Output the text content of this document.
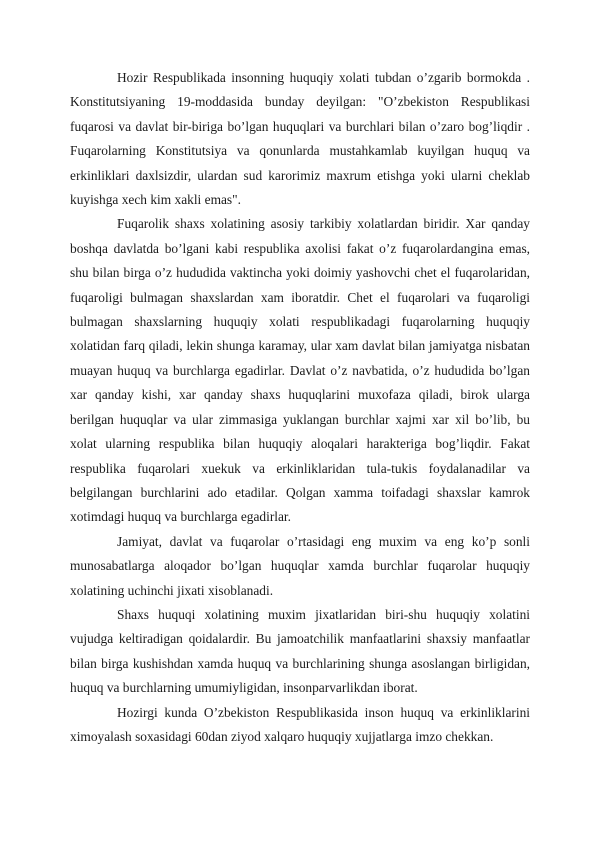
Hozir Respublikada insonning huquqiy xolati tubdan o’zgarib bormokda . Konstitutsiyaning 19-moddasida bunday deyilgan: "O’zbekiston Respublikasi fuqarosi va davlat bir-biriga bo’lgan huquqlari va burchlari bilan o’zaro bog’liqdir . Fuqarolarning Konstitutsiya va qonunlarda mustahkamlab kuyilgan huquq va erkinliklari daxlsizdir, ulardan sud karorimiz maxrum etishga yoki ularni cheklab kuyishga xech kim xakli emas".

Fuqarolik shaxs xolatining asosiy tarkibiy xolatlardan biridir. Xar qanday boshqa davlatda bo’lgani kabi respublika axolisi fakat o’z fuqarolardangina emas, shu bilan birga o’z hududida vaktincha yoki doimiy yashovchi chet el fuqarolaridan, fuqaroligi bulmagan shaxslardan xam iboratdir. Chet el fuqarolari va fuqaroligi bulmagan shaxslarning huquqiy xolati respublikadagi fuqarolarning huquqiy xolatidan farq qiladi, lekin shunga karamay, ular xam davlat bilan jamiyatga nisbatan muayan huquq va burchlarga egadirlar. Davlat o’z navbatida, o’z hududida bo’lgan xar qanday kishi, xar qanday shaxs huquqlarini muxofaza qiladi, birok ularga berilgan huquqlar va ular zimmasiga yuklangan burchlar xajmi xar xil bo’lib, bu xolat ularning respublika bilan huquqiy aloqalari harakteriga bog’liqdir. Fakat respublika fuqarolari xuekuk va erkinliklaridan tula-tukis foydalanadilar va belgilangan burchlarini ado etadilar. Qolgan xamma toifadagi shaxslar kamrok xotimdagi huquq va burchlarga egadirlar.

Jamiyat, davlat va fuqarolar o’rtasidagi eng muxim va eng ko’p sonli munosabatlarga aloqador bo’lgan huquqlar xamda burchlar fuqarolar huquqiy xolatining uchinchi jixati xisoblanadi.

Shaxs huquqi xolatining muxim jixatlaridan biri-shu huquqiy xolatini vujudga keltiradigan qoidalardir. Bu jamoatchilik manfaatlarini shaxsiy manfaatlar bilan birga kushishdan xamda huquq va burchlarining shunga asoslangan birligidan, huquq va burchlarning umumiyligidan, insonparvarlikdan iborat.

Hozirgi kunda O’zbekiston Respublikasida inson huquq va erkinliklarini ximoyalash soxasidagi 60dan ziyod xalqaro huquqiy xujjatlarga imzo chekkan.
